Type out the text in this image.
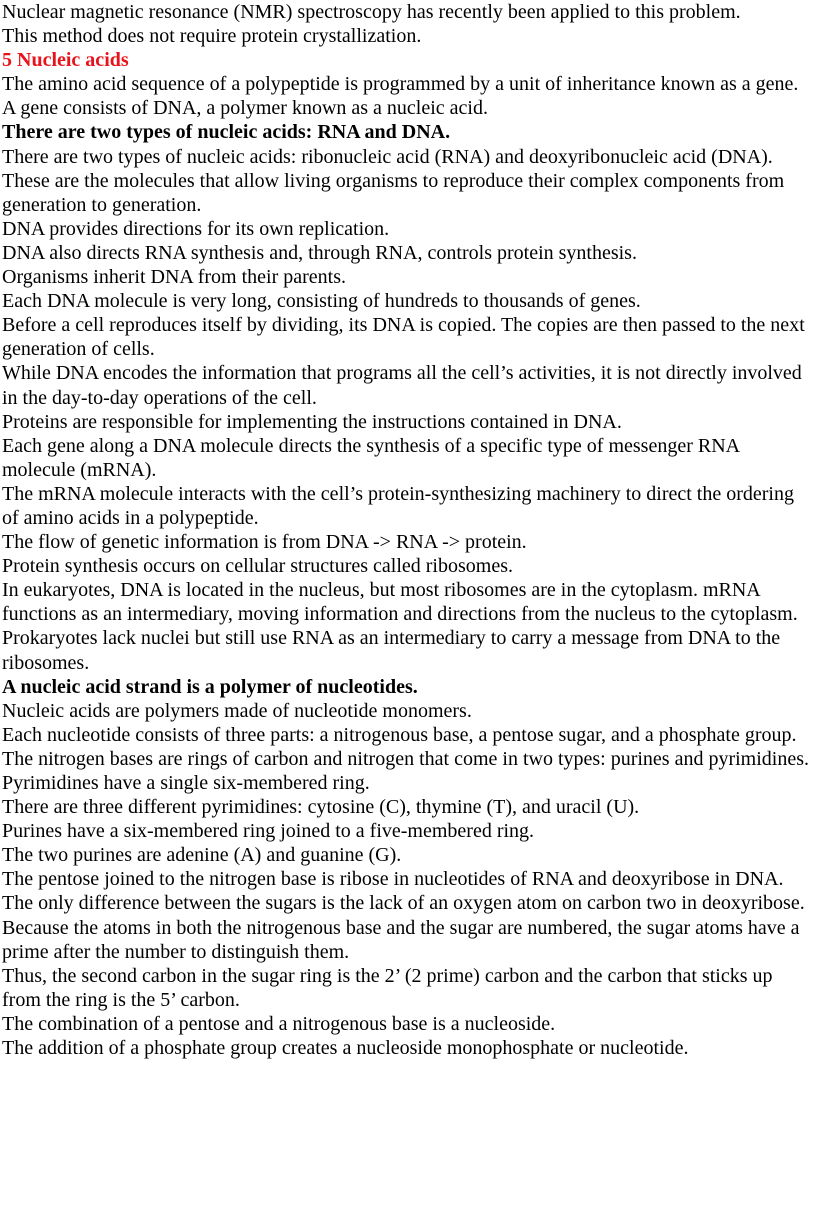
Nuclear magnetic resonance (NMR) spectroscopy has recently been applied to this problem.

This method does not require protein crystallization.

5 Nucleic acids

The amino acid sequence of a polypeptide is programmed by a unit of inheritance known as a gene.

A gene consists of DNA, a polymer known as a nucleic acid.

There are two types of nucleic acids: RNA and DNA.

There are two types of nucleic acids: ribonucleic acid (RNA) and deoxyribonucleic acid (DNA).

These are the molecules that allow living organisms to reproduce their complex components from generation to generation.

DNA provides directions for its own replication.

DNA also directs RNA synthesis and, through RNA, controls protein synthesis.

Organisms inherit DNA from their parents.

Each DNA molecule is very long, consisting of hundreds to thousands of genes.

Before a cell reproduces itself by dividing, its DNA is copied. The copies are then passed to the next generation of cells.

While DNA encodes the information that programs all the cell’s activities, it is not directly involved in the day-to-day operations of the cell.

Proteins are responsible for implementing the instructions contained in DNA.

Each gene along a DNA molecule directs the synthesis of a specific type of messenger RNA molecule (mRNA).

The mRNA molecule interacts with the cell’s protein-synthesizing machinery to direct the ordering of amino acids in a polypeptide.

The flow of genetic information is from DNA -> RNA -> protein.

Protein synthesis occurs on cellular structures called ribosomes.

In eukaryotes, DNA is located in the nucleus, but most ribosomes are in the cytoplasm. mRNA functions as an intermediary, moving information and directions from the nucleus to the cytoplasm.

Prokaryotes lack nuclei but still use RNA as an intermediary to carry a message from DNA to the ribosomes.

A nucleic acid strand is a polymer of nucleotides.

Nucleic acids are polymers made of nucleotide monomers.

Each nucleotide consists of three parts: a nitrogenous base, a pentose sugar, and a phosphate group.

The nitrogen bases are rings of carbon and nitrogen that come in two types: purines and pyrimidines.

Pyrimidines have a single six-membered ring.

There are three different pyrimidines: cytosine (C), thymine (T), and uracil (U).

Purines have a six-membered ring joined to a five-membered ring.

The two purines are adenine (A) and guanine (G).

The pentose joined to the nitrogen base is ribose in nucleotides of RNA and deoxyribose in DNA.

The only difference between the sugars is the lack of an oxygen atom on carbon two in deoxyribose.

Because the atoms in both the nitrogenous base and the sugar are numbered, the sugar atoms have a prime after the number to distinguish them.

Thus, the second carbon in the sugar ring is the 2’ (2 prime) carbon and the carbon that sticks up from the ring is the 5’ carbon.

The combination of a pentose and a nitrogenous base is a nucleoside.

The addition of a phosphate group creates a nucleoside monophosphate or nucleotide.
